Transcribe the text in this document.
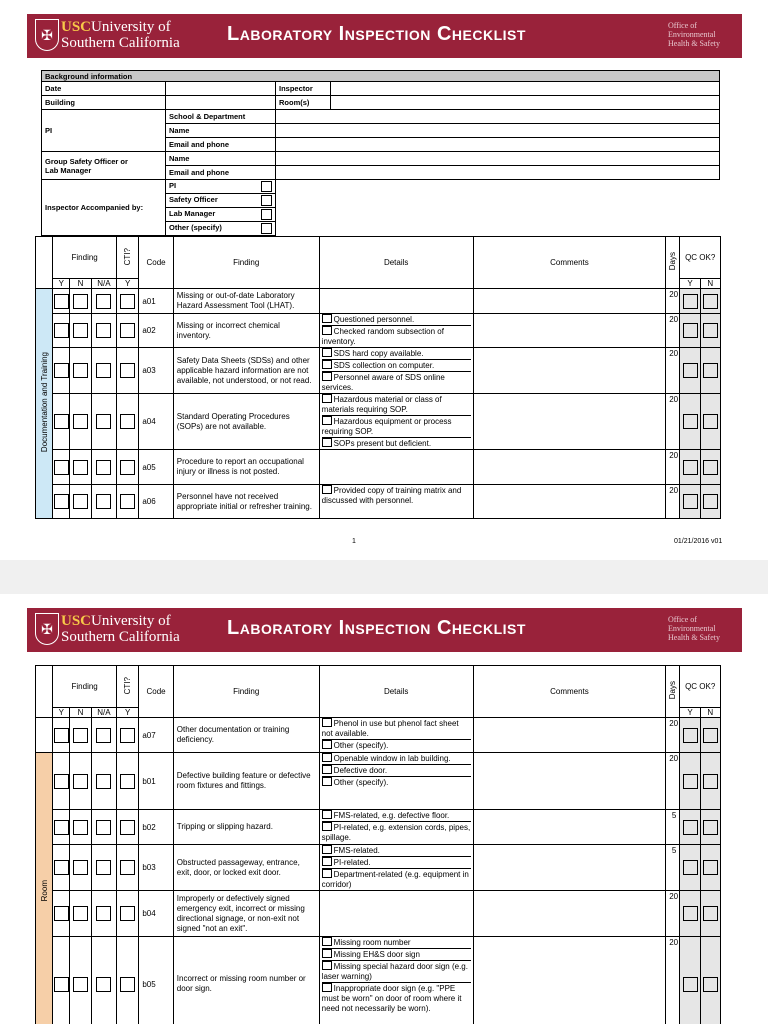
✠ USCUniversity of
Southern California Laboratory Inspection Checklist	Office of
Environmental
Health & Safety
Background information			
Date		Inspector	
Building		Room(s)	
PI	School & Department		
	Name		
	Email and phone		
Group Safety Officer or
Lab Manager	Name		
	Email and phone		
Inspector Accompanied by:	PI	

	Safety Officer	

	Lab Manager	

	Other (specify)	

	Finding			CTI?	Code	Finding	Details	Comments	Days	QC OK?	
	Y	N	N/A	Y						Y	N
Documentation and Training					a01	Missing or out-of-date Laboratory Hazard Assessment Tool (LHAT).			20		
					a02	Missing or incorrect chemical inventory.	Questioned personnel.
Checked random subsection of inventory.		20		
					a03	Safety Data Sheets (SDSs) and other applicable hazard information are not available, not understood, or not read.	SDS hard copy available.
SDS collection on computer.
Personnel aware of SDS online services.		20		
					a04	Standard Operating Procedures (SOPs) are not available.	Hazardous material or class of materials requiring SOP.
Hazardous equipment or process requiring SOP.
SOPs present but deficient.		20		
					a05	Procedure to report an occupational injury or illness is not posted.			20		
					a06	Personnel have not received appropriate initial or refresher training.	Provided copy of training matrix and discussed with personnel.		20		
1	01/21/2016 v01
✠ USCUniversity of
Southern California Laboratory Inspection Checklist	Office of
Environmental
Health & Safety
	Finding			CTI?	Code	Finding	Details	Comments	Days	QC OK?	
	Y	N	N/A	Y						Y	N
					a07	Other documentation or training deficiency.	Phenol in use but phenol fact sheet not available.
Other (specify).		20		
Room					b01	Defective building feature or defective room fixtures and fittings.	Openable window in lab building.
Defective door.
Other (specify).		20		
					b02	Tripping or slipping hazard.	FMS-related, e.g. defective floor.
PI-related, e.g. extension cords, pipes, spillage.		5		
					b03	Obstructed passageway, entrance, exit, door, or locked exit door.	FMS-related.
PI-related.
Department-related (e.g. equipment in corridor)		5		
					b04	Improperly or defectively signed emergency exit, incorrect or missing directional signage, or non-exit not signed "not an exit".			20		
					b05	Incorrect or missing room number or door sign.	Missing room number
Missing EH&S door sign
Missing special hazard door sign (e.g. laser warning)
Inappropriate door sign (e.g. "PPE must be worn" on door of room where it need not necessarily be worn).		20		
